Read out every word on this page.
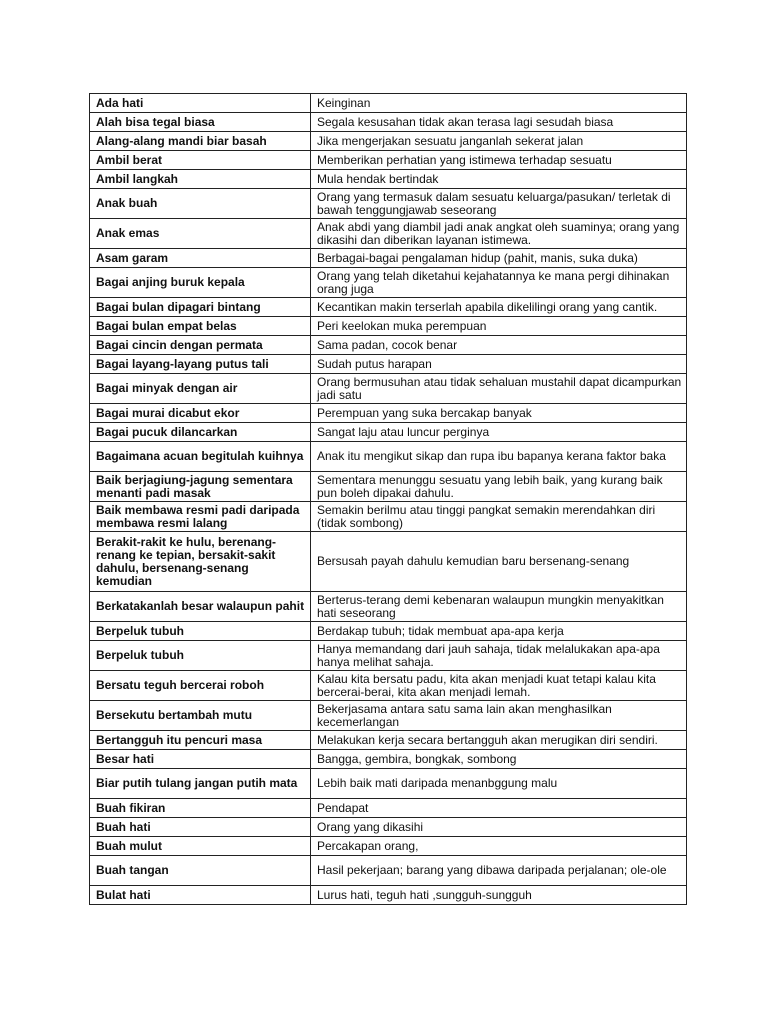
Ada hati	Keinginan
Alah bisa tegal biasa	Segala kesusahan tidak akan terasa lagi sesudah biasa
Alang-alang mandi biar basah	Jika mengerjakan sesuatu janganlah sekerat jalan
Ambil berat	Memberikan perhatian yang istimewa terhadap sesuatu
Ambil langkah	Mula hendak bertindak
Anak buah	Orang yang termasuk dalam sesuatu keluarga/pasukan/ terletak di bawah tenggungjawab seseorang
Anak emas	Anak abdi yang diambil jadi anak angkat oleh suaminya; orang yang dikasihi dan diberikan layanan istimewa.
Asam garam	Berbagai-bagai pengalaman hidup (pahit, manis, suka duka)
Bagai anjing buruk kepala	Orang yang telah diketahui kejahatannya ke mana pergi dihinakan orang juga
Bagai bulan dipagari bintang	Kecantikan makin terserlah apabila dikelilingi orang yang cantik.
Bagai bulan empat belas	Peri keelokan muka perempuan
Bagai cincin dengan permata	Sama padan, cocok benar
Bagai layang-layang putus tali	Sudah putus harapan
Bagai minyak dengan air	Orang bermusuhan atau tidak sehaluan mustahil dapat dicampurkan jadi satu
Bagai murai dicabut ekor	Perempuan yang suka bercakap banyak
Bagai pucuk dilancarkan	Sangat laju atau luncur perginya
Bagaimana acuan begitulah kuihnya	Anak itu mengikut sikap dan rupa ibu bapanya kerana faktor baka
Baik berjagiung-jagung sementara menanti padi masak	Sementara menunggu sesuatu yang lebih baik, yang kurang baik pun boleh dipakai dahulu.
Baik membawa resmi padi daripada membawa resmi lalang	Semakin berilmu atau tinggi pangkat semakin merendahkan diri (tidak sombong)
Berakit-rakit ke hulu, berenang-renang ke tepian, bersakit-sakit dahulu, bersenang-senang kemudian	Bersusah payah dahulu kemudian baru bersenang-senang
Berkatakanlah besar walaupun pahit	Berterus-terang demi kebenaran walaupun mungkin menyakitkan hati seseorang
Berpeluk tubuh	Berdakap tubuh; tidak membuat apa-apa kerja
Berpeluk tubuh	Hanya memandang dari jauh sahaja, tidak melalukakan apa-apa hanya melihat sahaja.
Bersatu teguh bercerai roboh	Kalau kita bersatu padu, kita akan menjadi kuat tetapi kalau kita bercerai-berai, kita akan menjadi lemah.
Bersekutu bertambah mutu	Bekerjasama antara satu sama lain akan menghasilkan kecemerlangan
Bertangguh itu pencuri masa	Melakukan kerja secara bertangguh akan merugikan diri sendiri.
Besar hati	Bangga, gembira, bongkak, sombong
Biar putih tulang jangan putih mata	Lebih baik mati daripada menanbggung malu
Buah fikiran	Pendapat
Buah hati	Orang yang dikasihi
Buah mulut	Percakapan orang,
Buah tangan	Hasil pekerjaan; barang yang dibawa daripada perjalanan; ole-ole
Bulat hati	Lurus hati, teguh hati ,sungguh-sungguh
